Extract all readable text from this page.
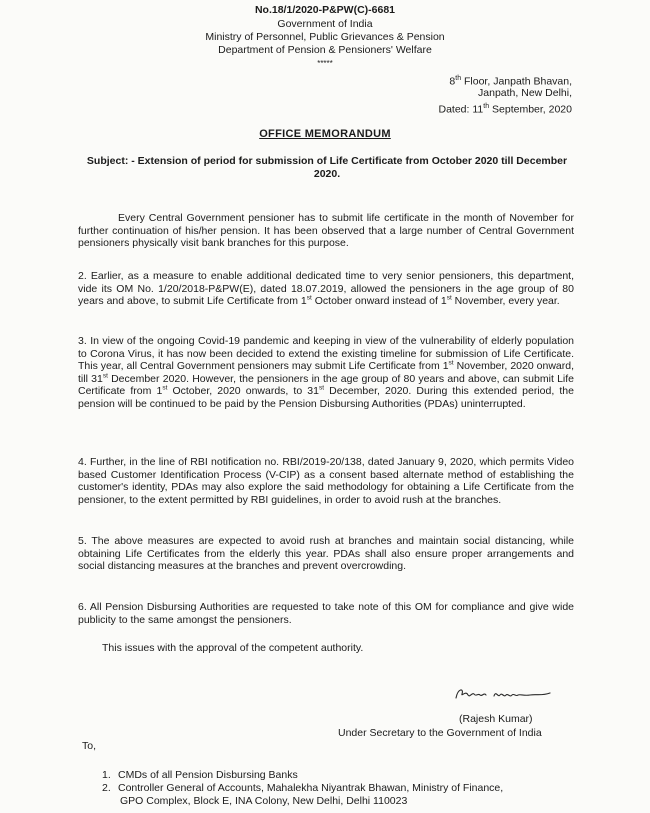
No.18/1/2020-P&PW(C)-6681
Government of India
Ministry of Personnel, Public Grievances & Pension
Department of Pension & Pensioners' Welfare
*****
8th Floor, Janpath Bhavan,
Janpath, New Delhi,
Dated: 11th September, 2020
OFFICE MEMORANDUM
Subject: - Extension of period for submission of Life Certificate from October 2020 till December 2020.
Every Central Government pensioner has to submit life certificate in the month of November for further continuation of his/her pension. It has been observed that a large number of Central Government pensioners physically visit bank branches for this purpose.
2. Earlier, as a measure to enable additional dedicated time to very senior pensioners, this department, vide its OM No. 1/20/2018-P&PW(E), dated 18.07.2019, allowed the pensioners in the age group of 80 years and above, to submit Life Certificate from 1st October onward instead of 1st November, every year.
3. In view of the ongoing Covid-19 pandemic and keeping in view of the vulnerability of elderly population to Corona Virus, it has now been decided to extend the existing timeline for submission of Life Certificate. This year, all Central Government pensioners may submit Life Certificate from 1st November, 2020 onward, till 31st December 2020. However, the pensioners in the age group of 80 years and above, can submit Life Certificate from 1st October, 2020 onwards, to 31st December, 2020. During this extended period, the pension will be continued to be paid by the Pension Disbursing Authorities (PDAs) uninterrupted.
4. Further, in the line of RBI notification no. RBI/2019-20/138, dated January 9, 2020, which permits Video based Customer Identification Process (V-CIP) as a consent based alternate method of establishing the customer's identity, PDAs may also explore the said methodology for obtaining a Life Certificate from the pensioner, to the extent permitted by RBI guidelines, in order to avoid rush at the branches.
5. The above measures are expected to avoid rush at branches and maintain social distancing, while obtaining Life Certificates from the elderly this year. PDAs shall also ensure proper arrangements and social distancing measures at the branches and prevent overcrowding.
6. All Pension Disbursing Authorities are requested to take note of this OM for compliance and give wide publicity to the same amongst the pensioners.
This issues with the approval of the competent authority.
(Rajesh Kumar)
Under Secretary to the Government of India
To,
1. CMDs of all Pension Disbursing Banks
2. Controller General of Accounts, Mahalekha Niyantrak Bhawan, Ministry of Finance,
GPO Complex, Block E, INA Colony, New Delhi, Delhi 110023
